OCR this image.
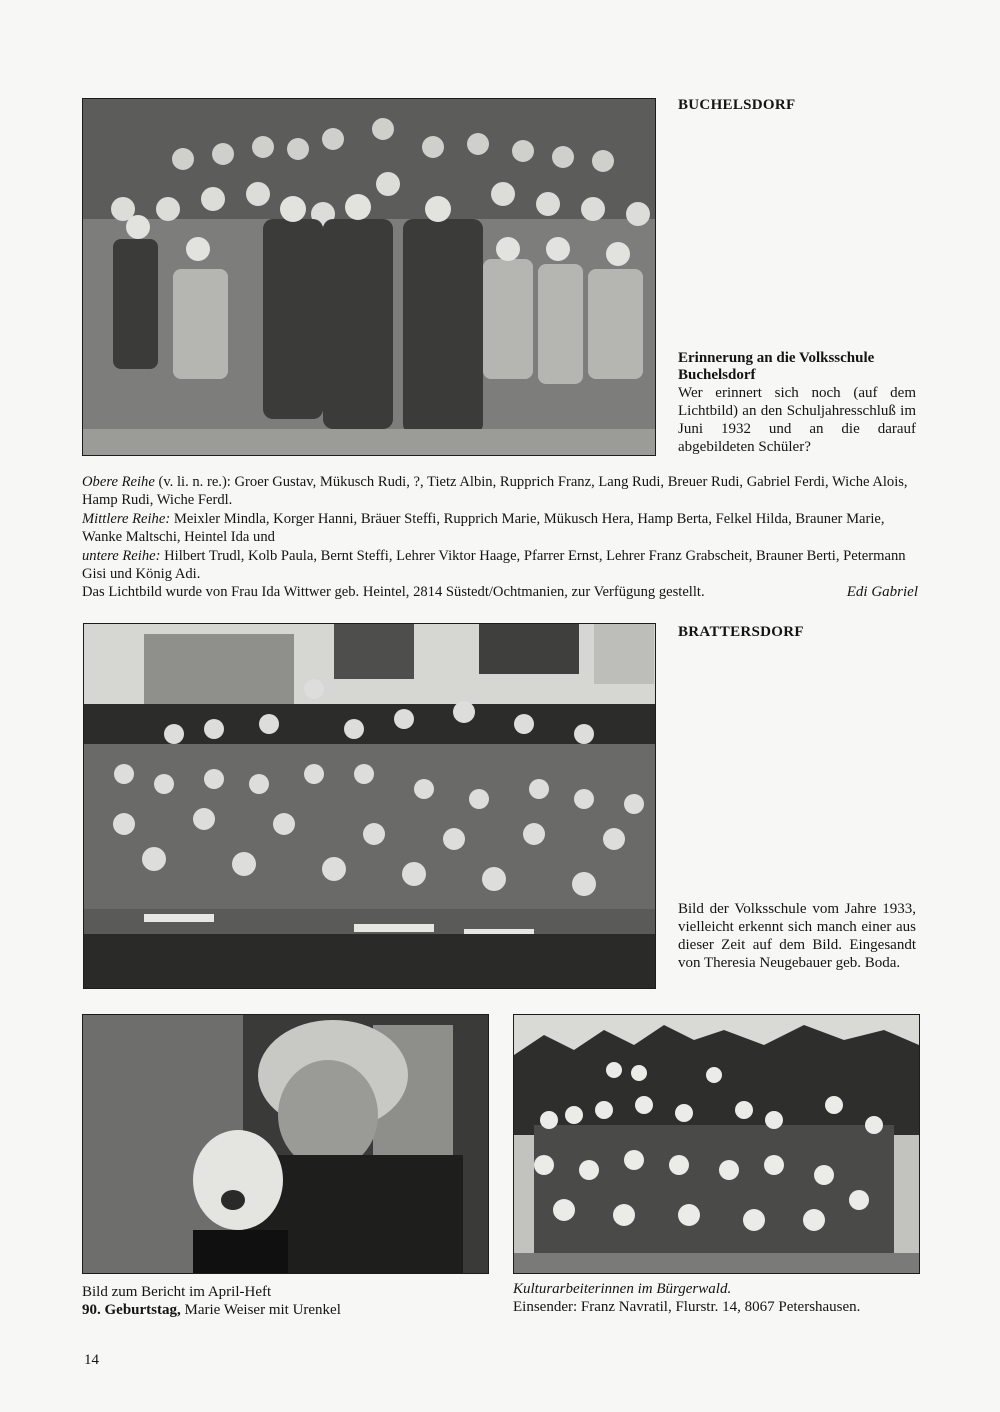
BUCHELSDORF
Erinnerung an die Volksschule
Buchelsdorf
Wer erinnert sich noch (auf dem Lichtbild) an den Schuljahresschluß im Juni 1932 und an die darauf abgebildeten Schüler?

Obere Reihe (v. li. n. re.): Groer Gustav, Mükusch Rudi, ?, Tietz Albin, Rupprich Franz, Lang Rudi, Breuer Rudi, Gabriel Ferdi, Wiche Alois, Hamp Rudi, Wiche Ferdl.

Mittlere Reihe: Meixler Mindla, Korger Hanni, Bräuer Steffi, Rupprich Marie, Mükusch Hera, Hamp Berta, Felkel Hilda, Brauner Marie, Wanke Maltschi, Heintel Ida und

untere Reihe: Hilbert Trudl, Kolb Paula, Bernt Steffi, Lehrer Viktor Haage, Pfarrer Ernst, Lehrer Franz Grabscheit, Brauner Berti, Petermann Gisi und König Adi.

Das Lichtbild wurde von Frau Ida Wittwer geb. Heintel, 2814 Süstedt/Ochtmanien, zur Verfügung gestellt.	Edi Gabriel

BRATTERSDORF
Bild der Volksschule vom Jahre 1933, vielleicht erkennt sich manch einer aus dieser Zeit auf dem Bild. Eingesandt von Theresia Neugebauer geb. Boda.
Bild zum Bericht im April-Heft
90. Geburtstag, Marie Weiser mit Urenkel
Kulturarbeiterinnen im Bürgerwald.
Einsender: Franz Navratil, Flurstr. 14, 8067 Petershausen.
14
